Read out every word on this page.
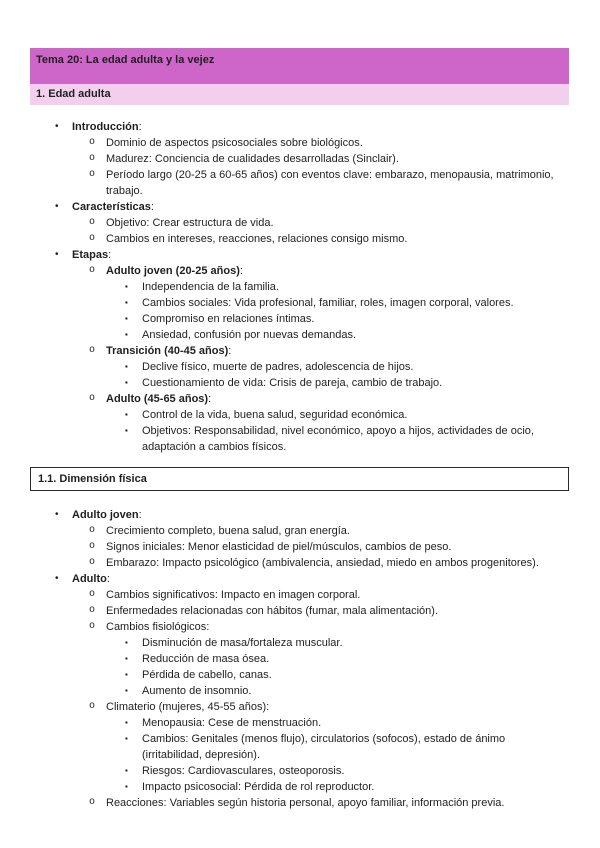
Tema 20: La edad adulta y la vejez
1. Edad adulta
•	Introducción:
o Dominio de aspectos psicosociales sobre biológicos.
o Madurez: Conciencia de cualidades desarrolladas (Sinclair).
o Período largo (20-25 a 60-65 años) con eventos clave: embarazo, menopausia, matrimonio,
trabajo.
•	Características:
o Objetivo: Crear estructura de vida.
o Cambios en intereses, reacciones, relaciones consigo mismo.
•	Etapas:
o Adulto joven (20-25 años):
▪	Independencia de la familia.
▪	Cambios sociales: Vida profesional, familiar, roles, imagen corporal, valores.
▪	Compromiso en relaciones íntimas.
▪	Ansiedad, confusión por nuevas demandas.
o Transición (40-45 años):
▪	Declive físico, muerte de padres, adolescencia de hijos.
▪	Cuestionamiento de vida: Crisis de pareja, cambio de trabajo.
o Adulto (45-65 años):
▪	Control de la vida, buena salud, seguridad económica.
▪	Objetivos: Responsabilidad, nivel económico, apoyo a hijos, actividades de ocio,
adaptación a cambios físicos.
1.1. Dimensión física
•	Adulto joven:
o Crecimiento completo, buena salud, gran energía.
o Signos iniciales: Menor elasticidad de piel/músculos, cambios de peso.
o Embarazo: Impacto psicológico (ambivalencia, ansiedad, miedo en ambos progenitores).
•	Adulto:
o Cambios significativos: Impacto en imagen corporal.
o Enfermedades relacionadas con hábitos (fumar, mala alimentación).
o Cambios fisiológicos:
▪	Disminución de masa/fortaleza muscular.
▪	Reducción de masa ósea.
▪	Pérdida de cabello, canas.
▪	Aumento de insomnio.
o Climaterio (mujeres, 45-55 años):
▪	Menopausia: Cese de menstruación.
▪	Cambios: Genitales (menos flujo), circulatorios (sofocos), estado de ánimo
(irritabilidad, depresión).
▪	Riesgos: Cardiovasculares, osteoporosis.
▪	Impacto psicosocial: Pérdida de rol reproductor.
o Reacciones: Variables según historia personal, apoyo familiar, información previa.
